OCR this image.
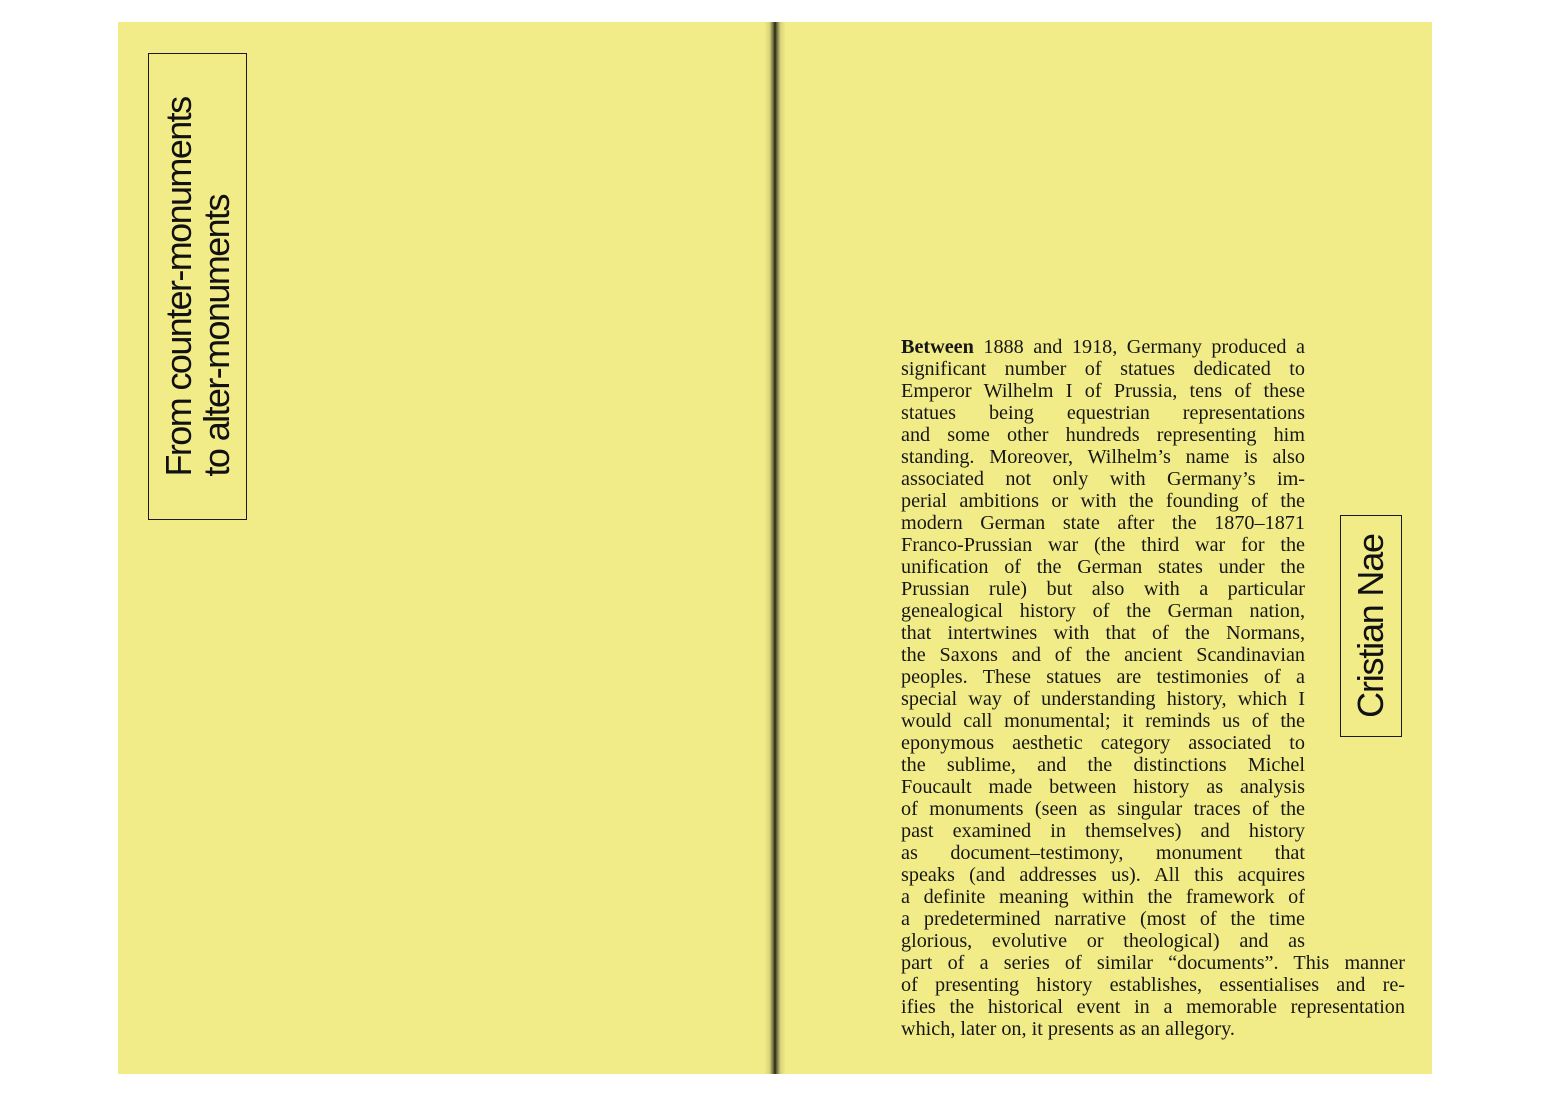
From counter-monuments
to alter-monuments	Between 1888 and 1918, Germany produced a
significant number of statues dedicated to
Emperor Wilhelm I of Prussia, tens of these
statues being equestrian representations
and some other hundreds representing him
standing. Moreover, Wilhelm’s name is also
associated not only with Germany’s im-
perial ambitions or with the founding of the
modern German state after the 1870–1871
Franco-Prussian war (the third war for the
unification of the German states under the
Prussian rule) but also with a particular
genealogical history of the German nation,
that intertwines with that of the Normans,
the Saxons and of the ancient Scandinavian
peoples. These statues are testimonies of a
special way of understanding history, which I
would call monumental; it reminds us of the
eponymous aesthetic category associated to
the sublime, and the distinctions Michel
Foucault made between history as analysis
of monuments (seen as singular traces of the
past examined in themselves) and history
as document–testimony, monument that
speaks (and addresses us). All this acquires
a definite meaning within the framework of
a predetermined narrative (most of the time
glorious, evolutive or theological) and as
part of a series of similar “documents”. This manner
of presenting history establishes, essentialises and re-
ifies the historical event in a memorable representation
which, later on, it presents as an allegory.
Cristian Nae
